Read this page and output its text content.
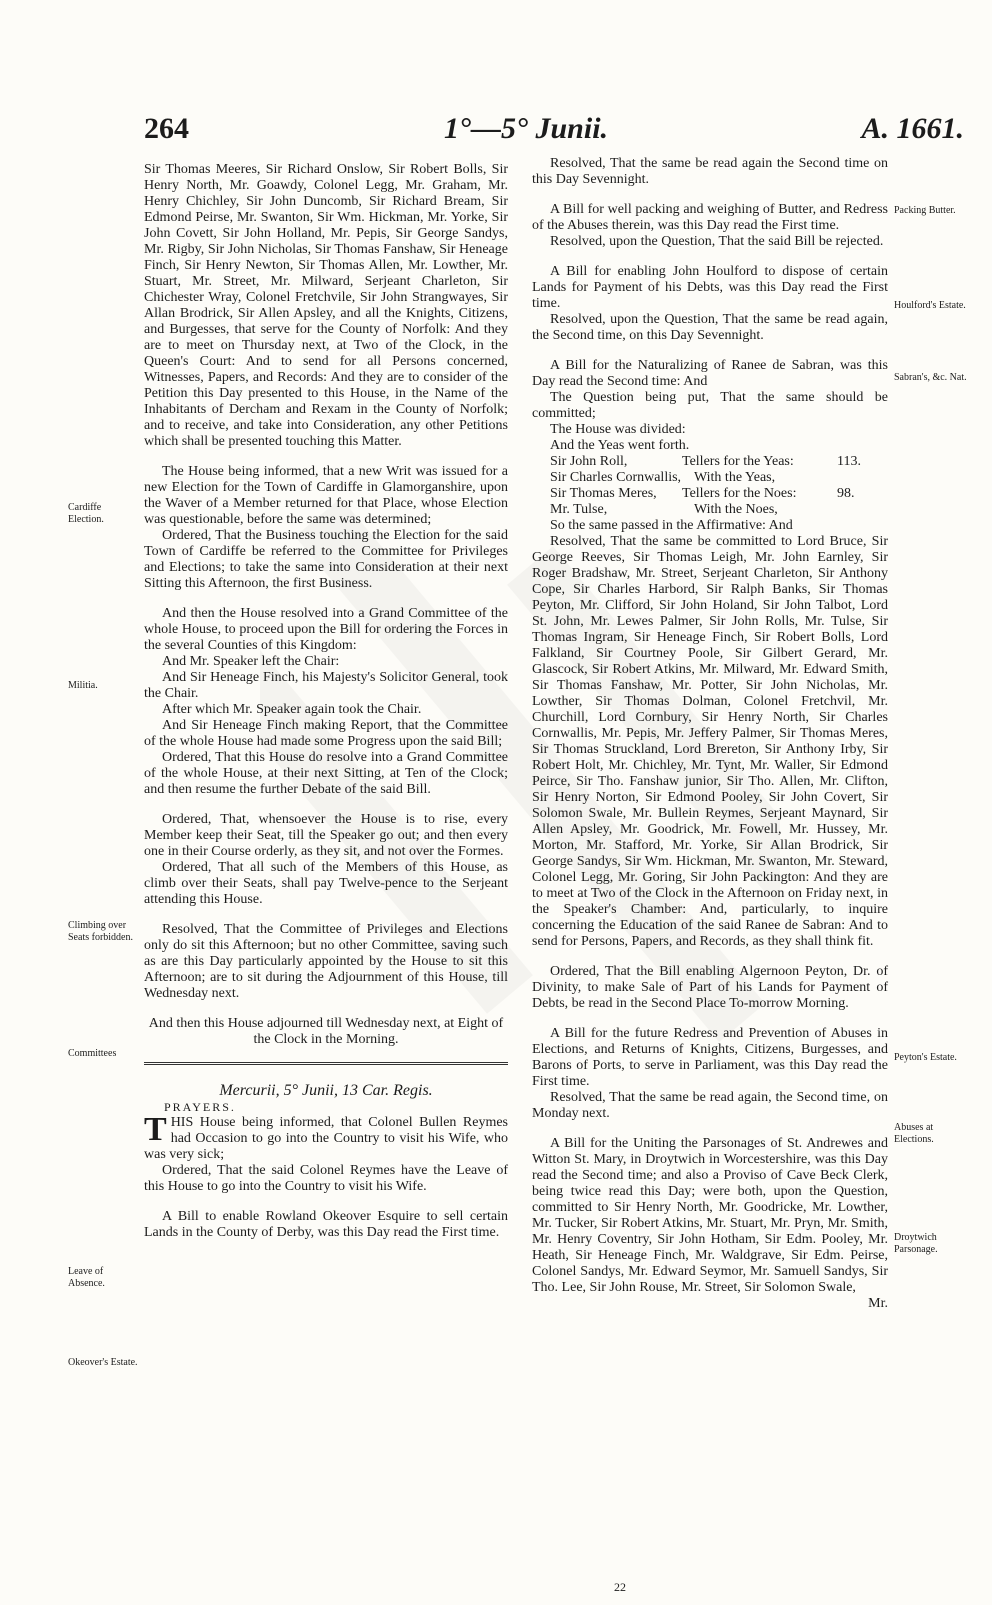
264	1°—5° Junii.	A. 1661.

Sir Thomas Meeres, Sir Richard Onslow, Sir Robert Bolls, Sir Henry North, Mr. Goawdy, Colonel Legg, Mr. Graham, Mr. Henry Chichley, Sir John Duncomb, Sir Richard Bream, Sir Edmond Peirse, Mr. Swanton, Sir Wm. Hickman, Mr. Yorke, Sir John Covett, Sir John Holland, Mr. Pepis, Sir George Sandys, Mr. Rigby, Sir John Nicholas, Sir Thomas Fanshaw, Sir Heneage Finch, Sir Henry Newton, Sir Thomas Allen, Mr. Lowther, Mr. Stuart, Mr. Street, Mr. Milward, Serjeant Charleton, Sir Chichester Wray, Colonel Fretchvile, Sir John Strangwayes, Sir Allan Brodrick, Sir Allen Apsley, and all the Knights, Citizens, and Burgesses, that serve for the County of Norfolk: And they are to meet on Thursday next, at Two of the Clock, in the Queen's Court: And to send for all Persons concerned, Witnesses, Papers, and Records: And they are to consider of the Petition this Day presented to this House, in the Name of the Inhabitants of Dercham and Rexam in the County of Norfolk; and to receive, and take into Consideration, any other Petitions which shall be presented touching this Matter.

The House being informed, that a new Writ was issued for a new Election for the Town of Cardiffe in Glamorganshire, upon the Waver of a Member returned for that Place, whose Election was questionable, before the same was determined;

Ordered, That the Business touching the Election for the said Town of Cardiffe be referred to the Committee for Privileges and Elections; to take the same into Consideration at their next Sitting this Afternoon, the first Business.

And then the House resolved into a Grand Committee of the whole House, to proceed upon the Bill for ordering the Forces in the several Counties of this Kingdom:

And Mr. Speaker left the Chair:

And Sir Heneage Finch, his Majesty's Solicitor General, took the Chair.

After which Mr. Speaker again took the Chair.

And Sir Heneage Finch making Report, that the Committee of the whole House had made some Progress upon the said Bill;

Ordered, That this House do resolve into a Grand Committee of the whole House, at their next Sitting, at Ten of the Clock; and then resume the further Debate of the said Bill.

Ordered, That, whensoever the House is to rise, every Member keep their Seat, till the Speaker go out; and then every one in their Course orderly, as they sit, and not over the Formes.

Ordered, That all such of the Members of this House, as climb over their Seats, shall pay Twelve-pence to the Serjeant attending this House.

Resolved, That the Committee of Privileges and Elections only do sit this Afternoon; but no other Committee, saving such as are this Day particularly appointed by the House to sit this Afternoon; are to sit during the Adjournment of this House, till Wednesday next.

And then this House adjourned till Wednesday next, at Eight of the Clock in the Morning.

Mercurii, 5° Junii, 13 Car. Regis.

PRAYERS.

THIS House being informed, that Colonel Bullen Reymes had Occasion to go into the Country to visit his Wife, who was very sick;

Ordered, That the said Colonel Reymes have the Leave of this House to go into the Country to visit his Wife.

A Bill to enable Rowland Okeover Esquire to sell certain Lands in the County of Derby, was this Day read the First time.

Resolved, That the same be read again the Second time on this Day Sevennight.

A Bill for well packing and weighing of Butter, and Redress of the Abuses therein, was this Day read the First time.

Resolved, upon the Question, That the said Bill be rejected.

A Bill for enabling John Houlford to dispose of certain Lands for Payment of his Debts, was this Day read the First time.

Resolved, upon the Question, That the same be read again, the Second time, on this Day Sevennight.

A Bill for the Naturalizing of Ranee de Sabran, was this Day read the Second time: And

The Question being put, That the same should be committed;

The House was divided:

And the Yeas went forth.

Sir John Roll,	Tellers for the Yeas:	113.
Sir Charles Cornwallis, With the Yeas,
Sir Thomas Meres,	Tellers for the Noes:	98.
Mr. Tulse,	With the Noes,

So the same passed in the Affirmative: And

Resolved, That the same be committed to Lord Bruce, Sir George Reeves, Sir Thomas Leigh, Mr. John Earnley, Sir Roger Bradshaw, Mr. Street, Serjeant Charleton, Sir Anthony Cope, Sir Charles Harbord, Sir Ralph Banks, Sir Thomas Peyton, Mr. Clifford, Sir John Holand, Sir John Talbot, Lord St. John, Mr. Lewes Palmer, Sir John Rolls, Mr. Tulse, Sir Thomas Ingram, Sir Heneage Finch, Sir Robert Bolls, Lord Falkland, Sir Courtney Poole, Sir Gilbert Gerard, Mr. Glascock, Sir Robert Atkins, Mr. Milward, Mr. Edward Smith, Sir Thomas Fanshaw, Mr. Potter, Sir John Nicholas, Mr. Lowther, Sir Thomas Dolman, Colonel Fretchvil, Mr. Churchill, Lord Cornbury, Sir Henry North, Sir Charles Cornwallis, Mr. Pepis, Mr. Jeffery Palmer, Sir Thomas Meres, Sir Thomas Struckland, Lord Brereton, Sir Anthony Irby, Sir Robert Holt, Mr. Chichley, Mr. Tynt, Mr. Waller, Sir Edmond Peirce, Sir Tho. Fanshaw junior, Sir Tho. Allen, Mr. Clifton, Sir Henry Norton, Sir Edmond Pooley, Sir John Covert, Sir Solomon Swale, Mr. Bullein Reymes, Serjeant Maynard, Sir Allen Apsley, Mr. Goodrick, Mr. Fowell, Mr. Hussey, Mr. Morton, Mr. Stafford, Mr. Yorke, Sir Allan Brodrick, Sir George Sandys, Sir Wm. Hickman, Mr. Swanton, Mr. Steward, Colonel Legg, Mr. Goring, Sir John Packington: And they are to meet at Two of the Clock in the Afternoon on Friday next, in the Speaker's Chamber: And, particularly, to inquire concerning the Education of the said Ranee de Sabran: And to send for Persons, Papers, and Records, as they shall think fit.

Ordered, That the Bill enabling Algernoon Peyton, Dr. of Divinity, to make Sale of Part of his Lands for Payment of Debts, be read in the Second Place To-morrow Morning.

A Bill for the future Redress and Prevention of Abuses in Elections, and Returns of Knights, Citizens, Burgesses, and Barons of Ports, to serve in Parliament, was this Day read the First time.

Resolved, That the same be read again, the Second time, on Monday next.

A Bill for the Uniting the Parsonages of St. Andrewes and Witton St. Mary, in Droytwich in Worcestershire, was this Day read the Second time; and also a Proviso of Cave Beck Clerk, being twice read this Day; were both, upon the Question, committed to Sir Henry North, Mr. Goodricke, Mr. Lowther, Mr. Tucker, Sir Robert Atkins, Mr. Stuart, Mr. Pryn, Mr. Smith, Mr. Henry Coventry, Sir John Hotham, Sir Edm. Pooley, Mr. Heath, Sir Heneage Finch, Mr. Waldgrave, Sir Edm. Peirse, Colonel Sandys, Mr. Edward Seymor, Mr. Samuell Sandys, Sir Tho. Lee, Sir John Rouse, Mr. Street, Sir Solomon Swale,

Mr.

Cardiffe Election.
Militia.
Climbing over Seats forbidden.
Committees
Leave of Absence.
Okeover's Estate.
Packing Butter.
Houlford's Estate.
Sabran's, &c. Nat.
Peyton's Estate.
Abuses at Elections.
Droytwich Parsonage.
22
